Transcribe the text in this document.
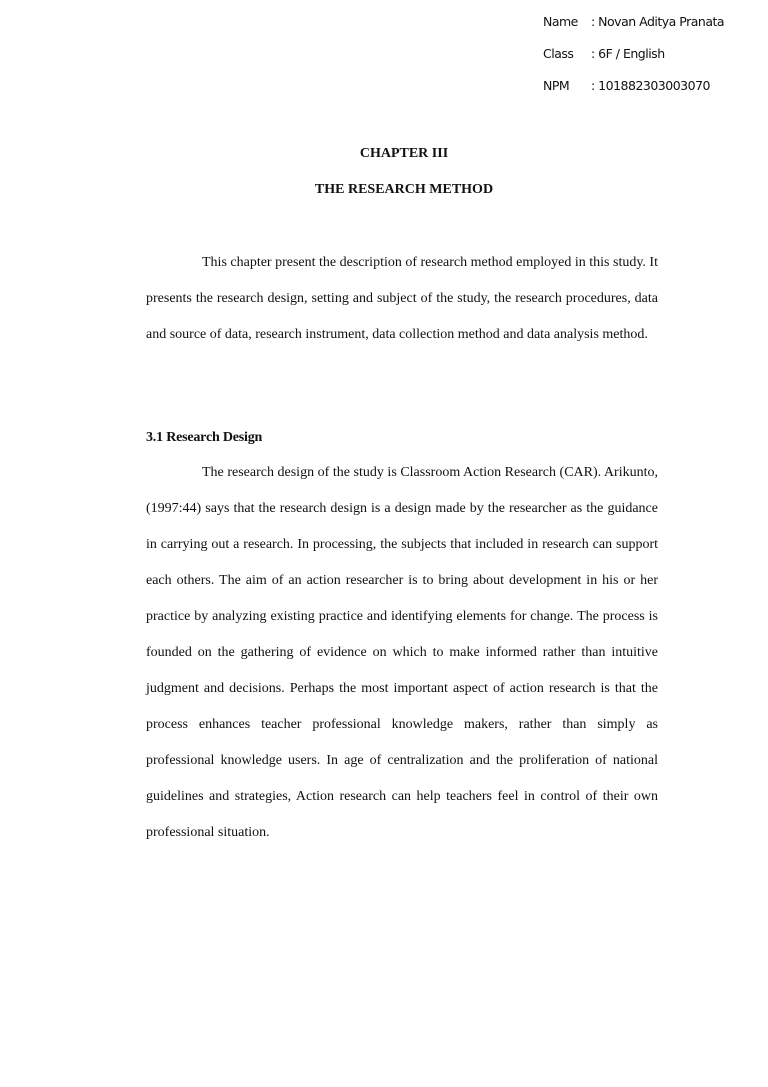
Name	: Novan Aditya Pranata
Class	: 6F / English
NPM	: 101882303003070
CHAPTER III
THE RESEARCH METHOD

This chapter present the description of research method employed in this study. It presents the research design, setting and subject of the study, the research procedures, data and source of data, research instrument, data collection method and data analysis method.

3.1 Research Design

The research design of the study is Classroom Action Research (CAR). Arikunto, (1997:44) says that the research design is a design made by the researcher as the guidance in carrying out a research. In processing, the subjects that included in research can support each others. The aim of an action researcher is to bring about development in his or her practice by analyzing existing practice and identifying elements for change. The process is founded on the gathering of evidence on which to make informed rather than intuitive judgment and decisions. Perhaps the most important aspect of action research is that the process enhances teacher professional knowledge makers, rather than simply as professional knowledge users. In age of centralization and the proliferation of national guidelines and strategies, Action research can help teachers feel in control of their own professional situation.
